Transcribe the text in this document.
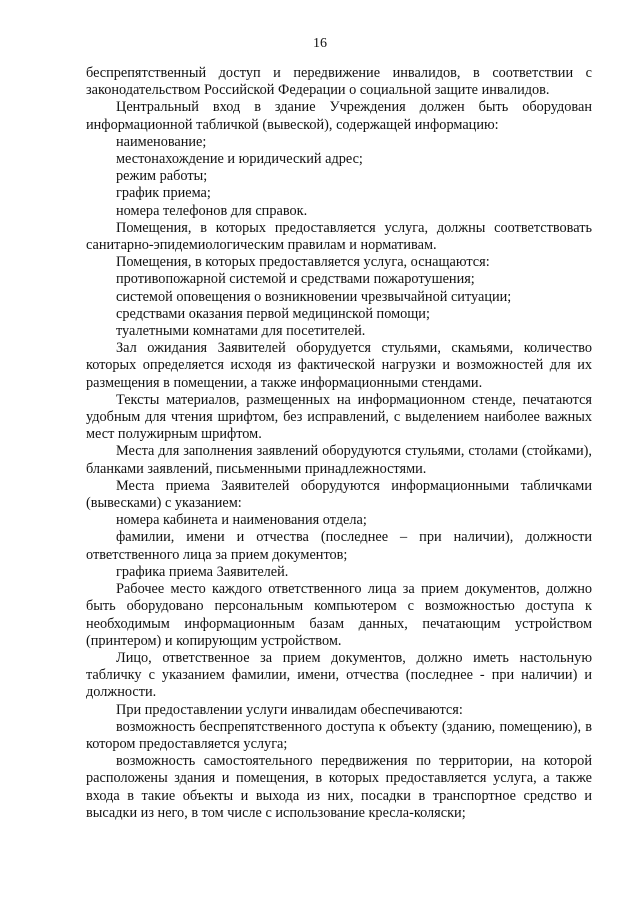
16

беспрепятственный доступ и передвижение инвалидов, в соответствии с законодательством Российской Федерации о социальной защите инвалидов.

Центральный вход в здание Учреждения должен быть оборудован информационной табличкой (вывеской), содержащей информацию:

наименование;

местонахождение и юридический адрес;

режим работы;

график приема;

номера телефонов для справок.

Помещения, в которых предоставляется услуга, должны соответствовать санитарно-эпидемиологическим правилам и нормативам.

Помещения, в которых предоставляется услуга, оснащаются:

противопожарной системой и средствами пожаротушения;

системой оповещения о возникновении чрезвычайной ситуации;

средствами оказания первой медицинской помощи;

туалетными комнатами для посетителей.

Зал ожидания Заявителей оборудуется стульями, скамьями, количество которых определяется исходя из фактической нагрузки и возможностей для их размещения в помещении, а также информационными стендами.

Тексты материалов, размещенных на информационном стенде, печатаются удобным для чтения шрифтом, без исправлений, с выделением наиболее важных мест полужирным шрифтом.

Места для заполнения заявлений оборудуются стульями, столами (стойками), бланками заявлений, письменными принадлежностями.

Места приема Заявителей оборудуются информационными табличками (вывесками) с указанием:

номера кабинета и наименования отдела;

фамилии, имени и отчества (последнее – при наличии), должности ответственного лица за прием документов;

графика приема Заявителей.

Рабочее место каждого ответственного лица за прием документов, должно быть оборудовано персональным компьютером с возможностью доступа к необходимым информационным базам данных, печатающим устройством (принтером) и копирующим устройством.

Лицо, ответственное за прием документов, должно иметь настольную табличку с указанием фамилии, имени, отчества (последнее - при наличии) и должности.

При предоставлении услуги инвалидам обеспечиваются:

возможность беспрепятственного доступа к объекту (зданию, помещению), в котором предоставляется услуга;

возможность самостоятельного передвижения по территории, на которой расположены здания и помещения, в которых предоставляется услуга, а также входа в такие объекты и выхода из них, посадки в транспортное средство и высадки из него, в том числе с использование кресла-коляски;
